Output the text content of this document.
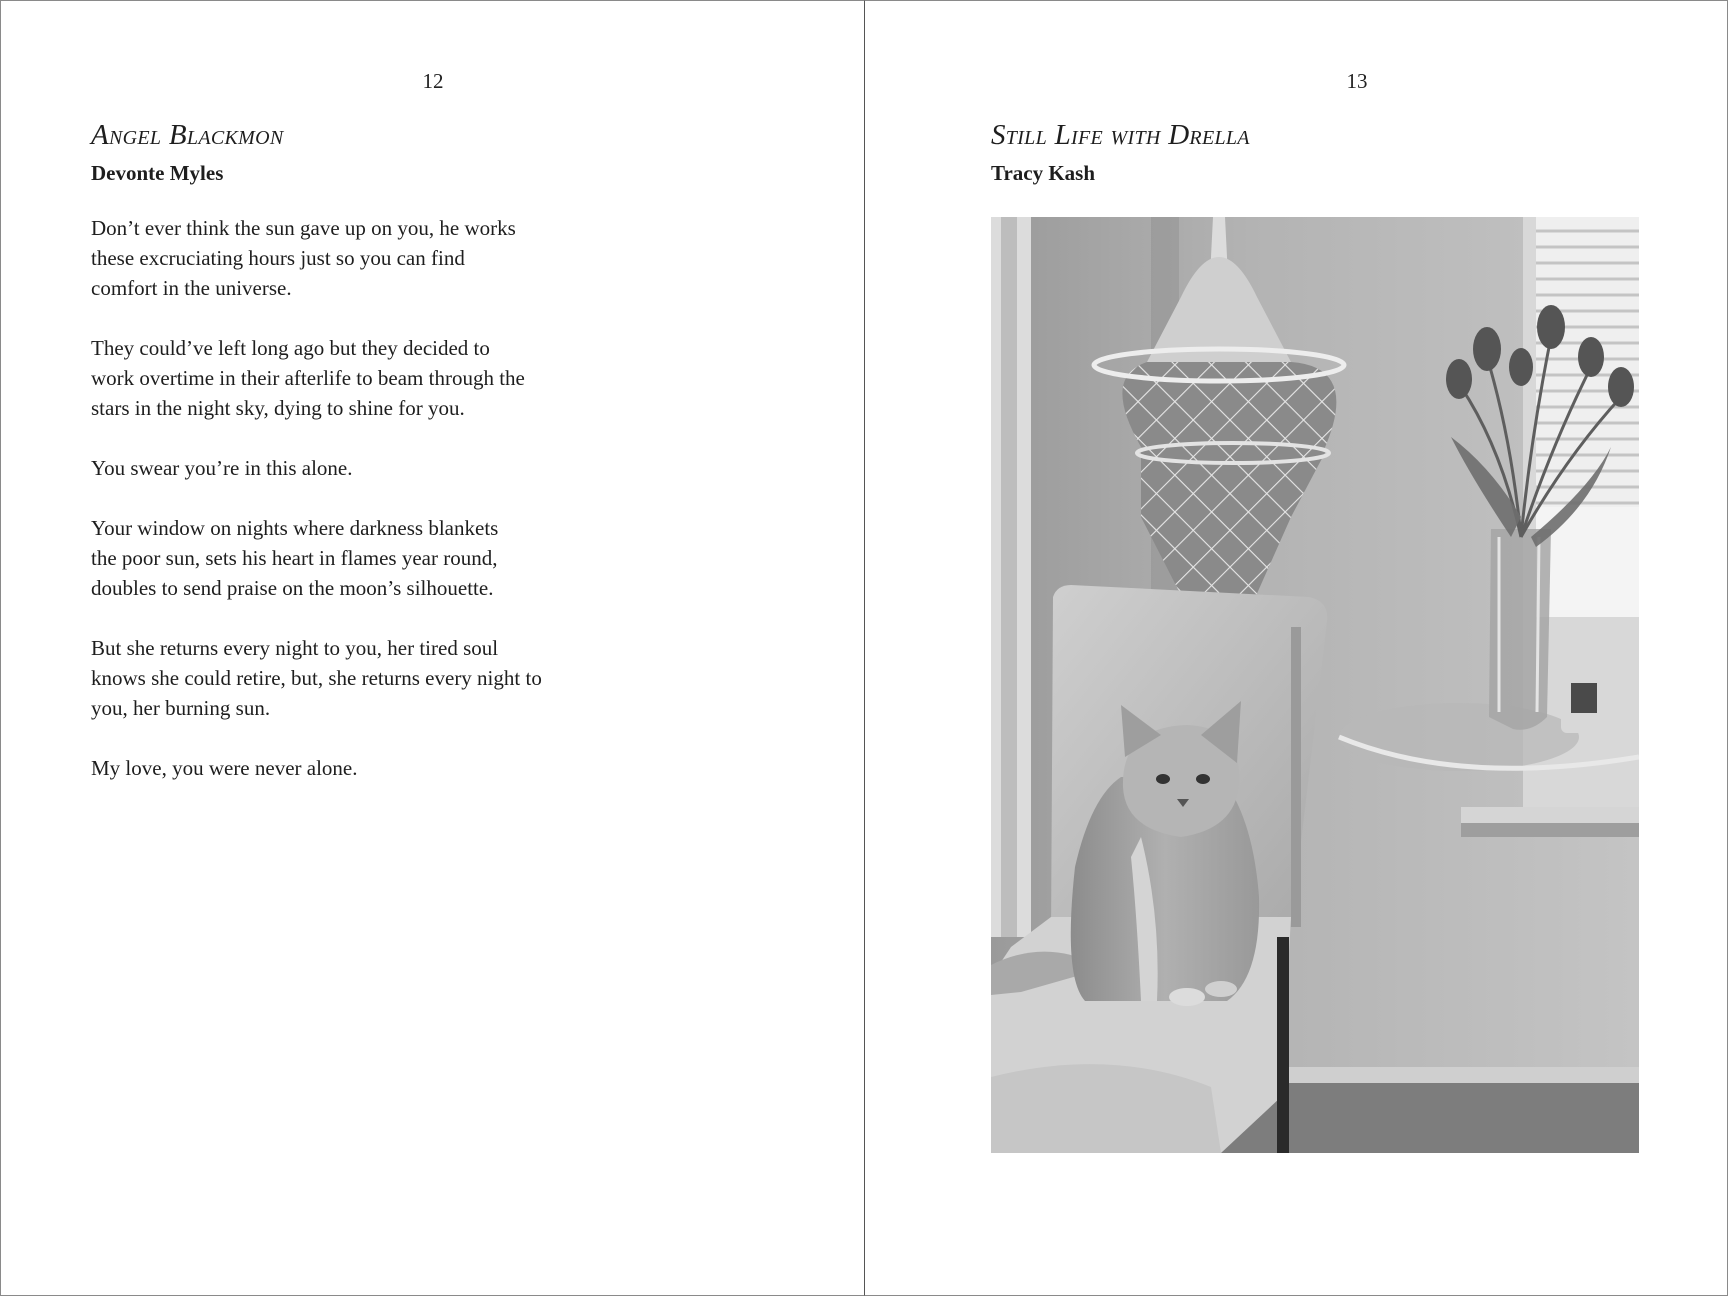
12
Angel Blackmon
Devonte Myles
Don’t ever think the sun gave up on you, he works
these excruciating hours just so you can find
comfort in the universe.
They could’ve left long ago but they decided to
work overtime in their afterlife to beam through the
stars in the night sky, dying to shine for you.
You swear you’re in this alone.
Your window on nights where darkness blankets
the poor sun, sets his heart in flames year round,
doubles to send praise on the moon’s silhouette.
But she returns every night to you, her tired soul
knows she could retire, but, she returns every night to
you, her burning sun.
My love, you were never alone.
13
Still Life with Drella
Tracy Kash
